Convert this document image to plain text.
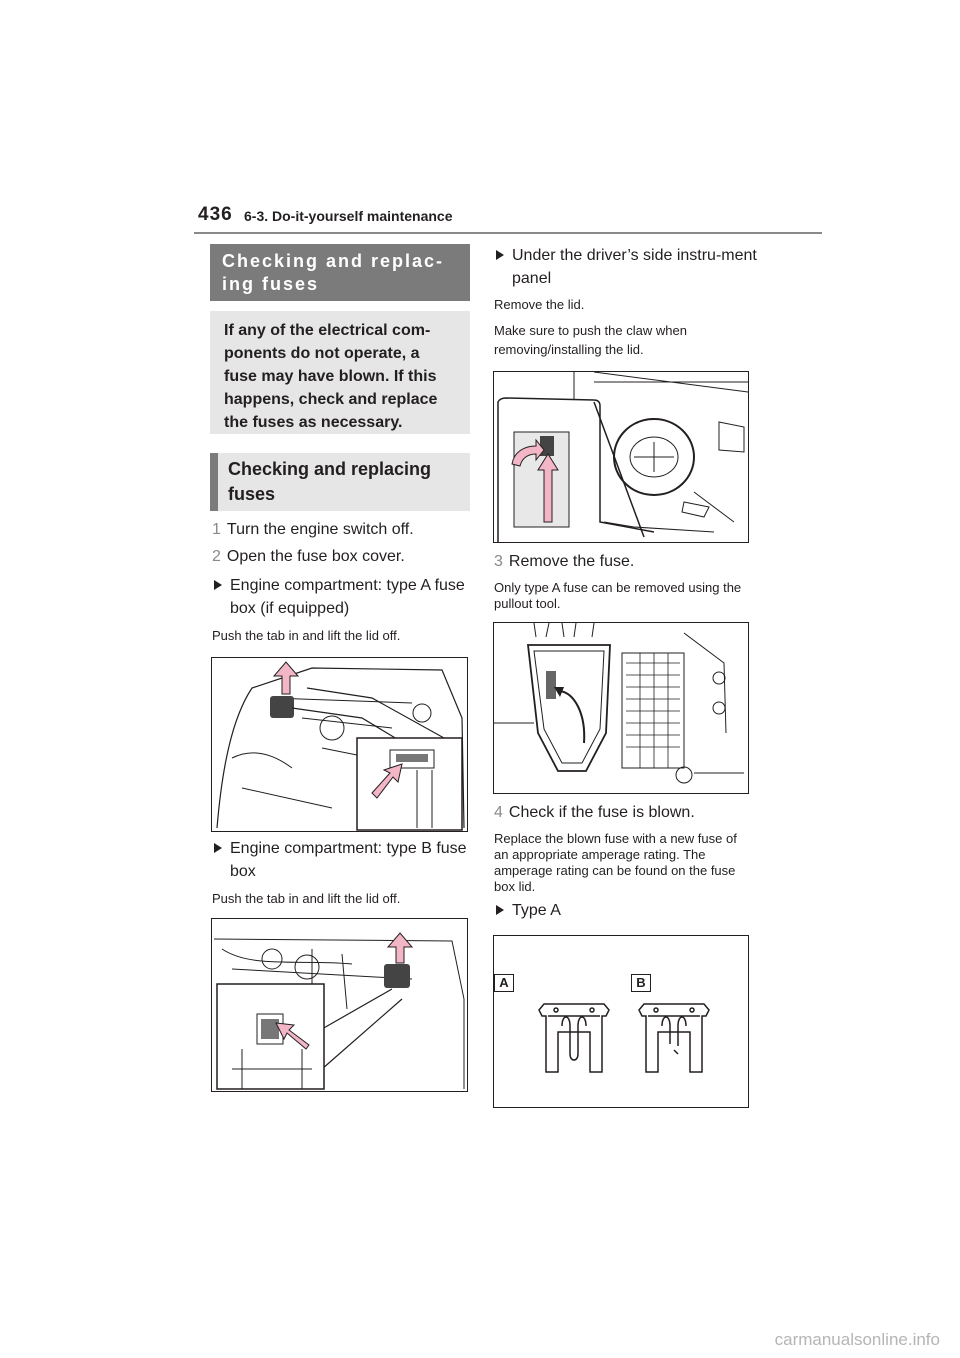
436 6-3. Do-it-yourself maintenance
Checking and replac-ing fuses
If any of the electrical com-ponents do not operate, a fuse may have blown. If this happens, check and replace the fuses as necessary.
Checking and replacing fuses
1 Turn the engine switch off.
2 Open the fuse box cover.
Engine compartment: type A fuse box (if equipped)
Push the tab in and lift the lid off.
Engine compartment: type B fuse box
Push the tab in and lift the lid off.
Under the driver’s side instru-ment panel
Remove the lid.
Make sure to push the claw when removing/installing the lid.
3 Remove the fuse.
Only type A fuse can be removed using the pullout tool.
4 Check if the fuse is blown.
Replace the blown fuse with a new fuse of an appropriate amperage rating. The amperage rating can be found on the fuse box lid.
Type A
A	B
carmanualsonline.info
